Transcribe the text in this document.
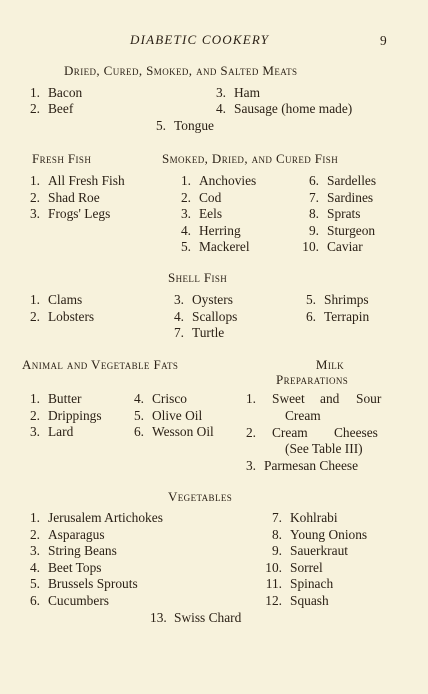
DIABETIC COOKERY	9
Dried, Cured, Smoked, and Salted Meats
1. Bacon
2. Beef
3. Ham
4. Sausage (home made)
5. Tongue
Fresh Fish
1. All Fresh Fish
2. Shad Roe
3. Frogs' Legs
Smoked, Dried, and Cured Fish
1. Anchovies
2. Cod
3. Eels
4. Herring
5. Mackerel
6. Sardelles
7. Sardines
8. Sprats
9. Sturgeon
10. Caviar
Shell Fish
1. Clams
2. Lobsters
3. Oysters
4. Scallops
7. Turtle
5. Shrimps
6. Terrapin
Animal and Vegetable Fats
1. Butter
2. Drippings
3. Lard
4. Crisco
5. Olive Oil
6. Wesson Oil
Milk
Preparations
1.	Sweet and Sour
Cream
2.	Cream Cheeses
(See Table III)
3. Parmesan Cheese
Vegetables
1. Jerusalem Artichokes
2. Asparagus
3. String Beans
4. Beet Tops
5. Brussels Sprouts
6. Cucumbers
7. Kohlrabi
8. Young Onions
9. Sauerkraut
10. Sorrel
11. Spinach
12. Squash
13. Swiss Chard
